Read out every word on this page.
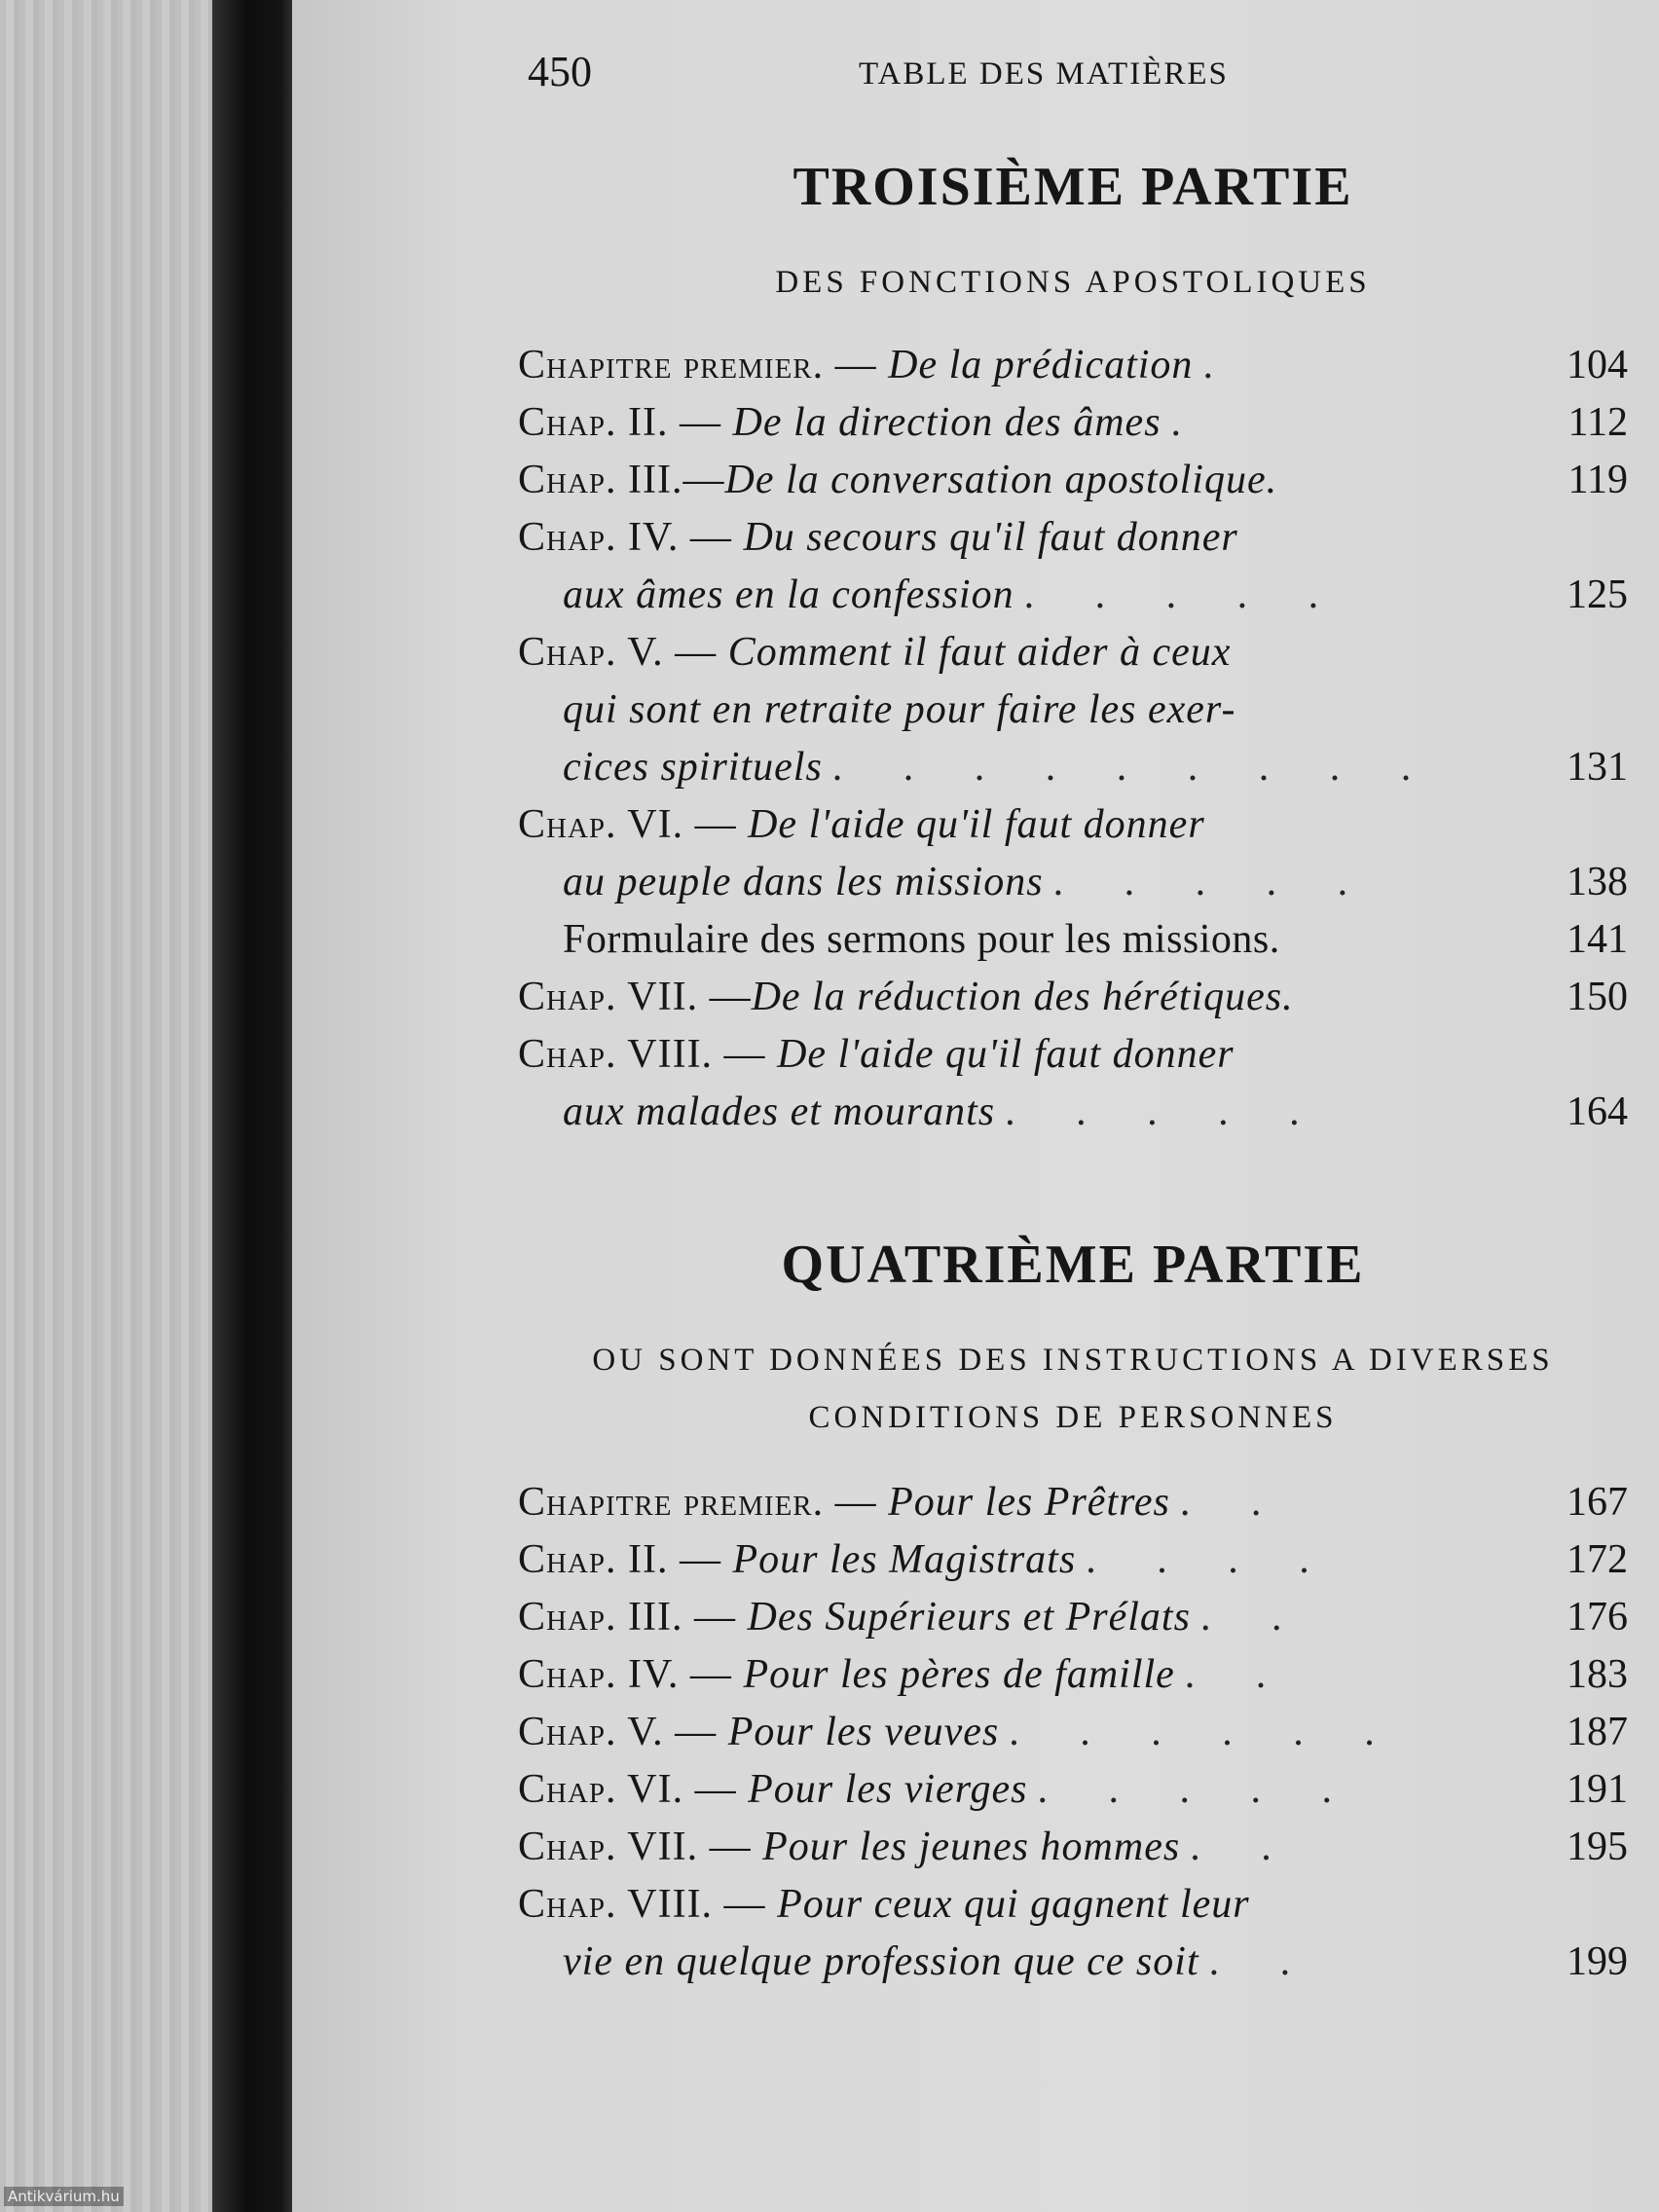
Antikvárium.hu
450	TABLE DES MATIÈRES
TROISIÈME PARTIE

DES FONCTIONS APOSTOLIQUES

Chapitre premier. — De la prédication .	104
Chap. II. — De la direction des âmes .	112
Chap. III.—De la conversation apostolique.	119
Chap. IV. — Du secours qu'il faut donner
aux âmes en la confession . . . . .	125
Chap. V. — Comment il faut aider à ceux
qui sont en retraite pour faire les exer-
cices spirituels . . . . . . . . .	131
Chap. VI. — De l'aide qu'il faut donner
au peuple dans les missions . . . . .	138
Formulaire des sermons pour les missions.	141
Chap. VII. —De la réduction des hérétiques.	150
Chap. VIII. — De l'aide qu'il faut donner
aux malades et mourants . . . . .	164
QUATRIÈME PARTIE

OU SONT DONNÉES DES INSTRUCTIONS A DIVERSES

CONDITIONS DE PERSONNES

Chapitre premier. — Pour les Prêtres . .	167
Chap. II. — Pour les Magistrats . . . .	172
Chap. III. — Des Supérieurs et Prélats . .	176
Chap. IV. — Pour les pères de famille . .	183
Chap. V. — Pour les veuves . . . . . .	187
Chap. VI. — Pour les vierges . . . . .	191
Chap. VII. — Pour les jeunes hommes . .	195
Chap. VIII. — Pour ceux qui gagnent leur
vie en quelque profession que ce soit . .	199
